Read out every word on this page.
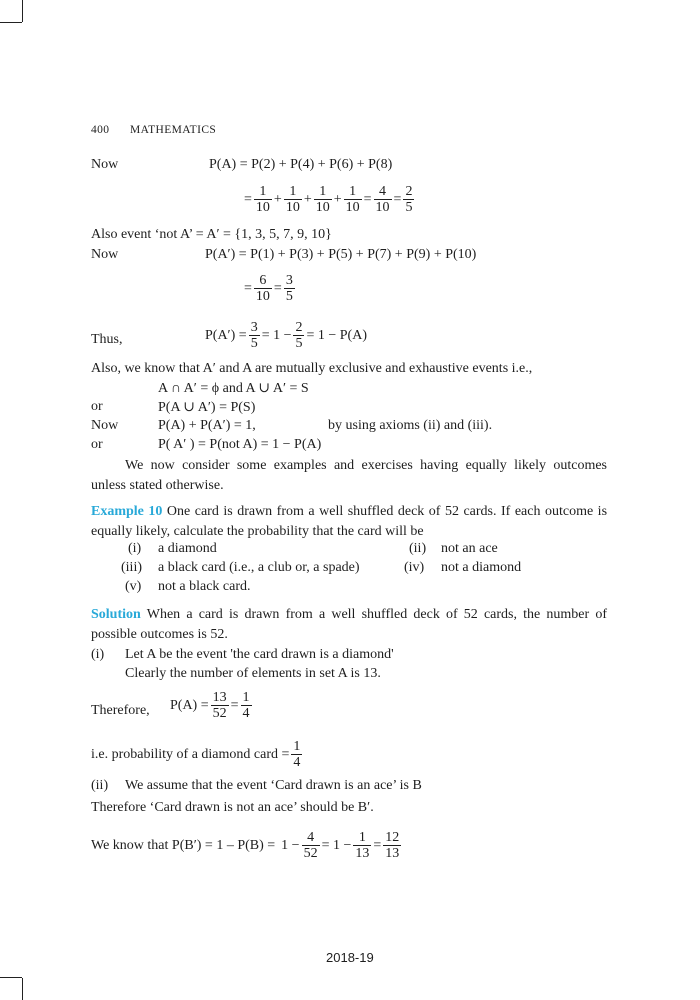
400 MATHEMATICS
Now	P(A) = P(2) + P(4) + P(6) + P(8)
= $\frac{1}{10} + \frac{1}{10} + \frac{1}{10} + \frac{1}{10} = \frac{4}{10} = \frac{2}{5}$
Also event ‘not A’ = A′ = {1, 3, 5, 7, 9, 10}
Now	P(A′) = P(1) + P(3) + P(5) + P(7) + P(9) + P(10)
= $\frac{6}{10} = \frac{3}{5}$
Thus,	$P(A') = \frac{3}{5} = 1 - \frac{2}{5} = 1 - P(A)$
Also, we know that A′ and A are mutually exclusive and exhaustive events i.e.,
A ∩ A′ = ϕ and A ∪ A′ = S
or	P(A ∪ A′) = P(S)
Now	P(A) + P(A′) = 1,	by using axioms (ii) and (iii).
or	P( A′ ) = P(not A) = 1 − P(A)
We now consider some examples and exercises having equally likely outcomes unless stated otherwise.
Example 10 One card is drawn from a well shuffled deck of 52 cards. If each outcome is equally likely, calculate the probability that the card will be
(i) a diamond	(ii) not an ace
(iii) a black card (i.e., a club or, a spade)	(iv) not a diamond
(v) not a black card.
Solution When a card is drawn from a well shuffled deck of 52 cards, the number of possible outcomes is 52.
(i) Let A be the event 'the card drawn is a diamond'
Clearly the number of elements in set A is 13.
Therefore, $P(A) = \frac{13}{52} = \frac{1}{4}$
i.e. probability of a diamond card = $\frac{1}{4}$
(ii) We assume that the event ‘Card drawn is an ace’ is B
Therefore ‘Card drawn is not an ace’ should be B′.
We know that $P(B') = 1 - P(B) = 1 - \frac{4}{52} = 1 - \frac{1}{13} = \frac{12}{13}$
2018-19
